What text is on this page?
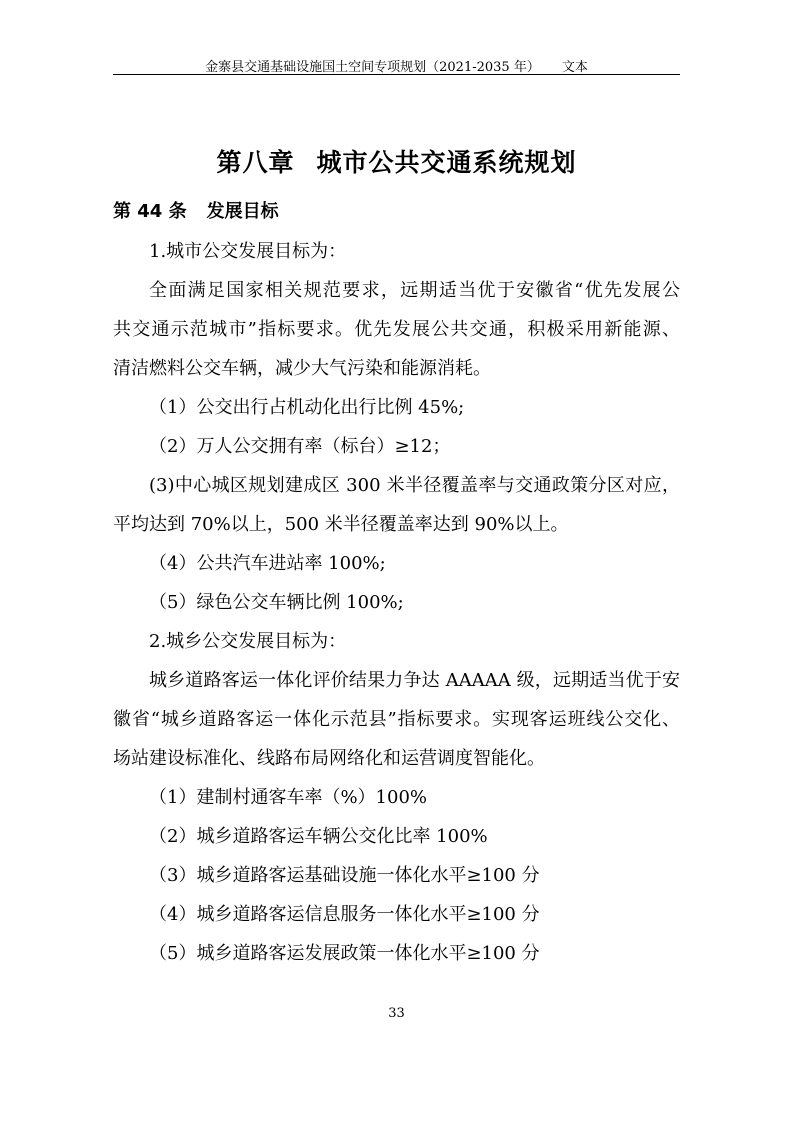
金寨县交通基础设施国土空间专项规划（2021-2035 年） 文本
第八章 城市公共交通系统规划
第 44 条 发展目标
1.城市公交发展目标为：
全面满足国家相关规范要求，远期适当优于安徽省“优先发展公
共交通示范城市”指标要求。优先发展公共交通，积极采用新能源、
清洁燃料公交车辆，减少大气污染和能源消耗。
（1）公交出行占机动化出行比例 45%;
（2）万人公交拥有率（标台）≥12；
(3)中心城区规划建成区 300 米半径覆盖率与交通政策分区对应，
平均达到 70%以上，500 米半径覆盖率达到 90%以上。
（4）公共汽车进站率 100%;
（5）绿色公交车辆比例 100%;
2.城乡公交发展目标为：
城乡道路客运一体化评价结果力争达 AAAAA 级，远期适当优于安
徽省“城乡道路客运一体化示范县”指标要求。实现客运班线公交化、
场站建设标准化、线路布局网络化和运营调度智能化。
（1）建制村通客车率（%）100%
（2）城乡道路客运车辆公交化比率 100%
（3）城乡道路客运基础设施一体化水平≥100 分
（4）城乡道路客运信息服务一体化水平≥100 分
（5）城乡道路客运发展政策一体化水平≥100 分
33
